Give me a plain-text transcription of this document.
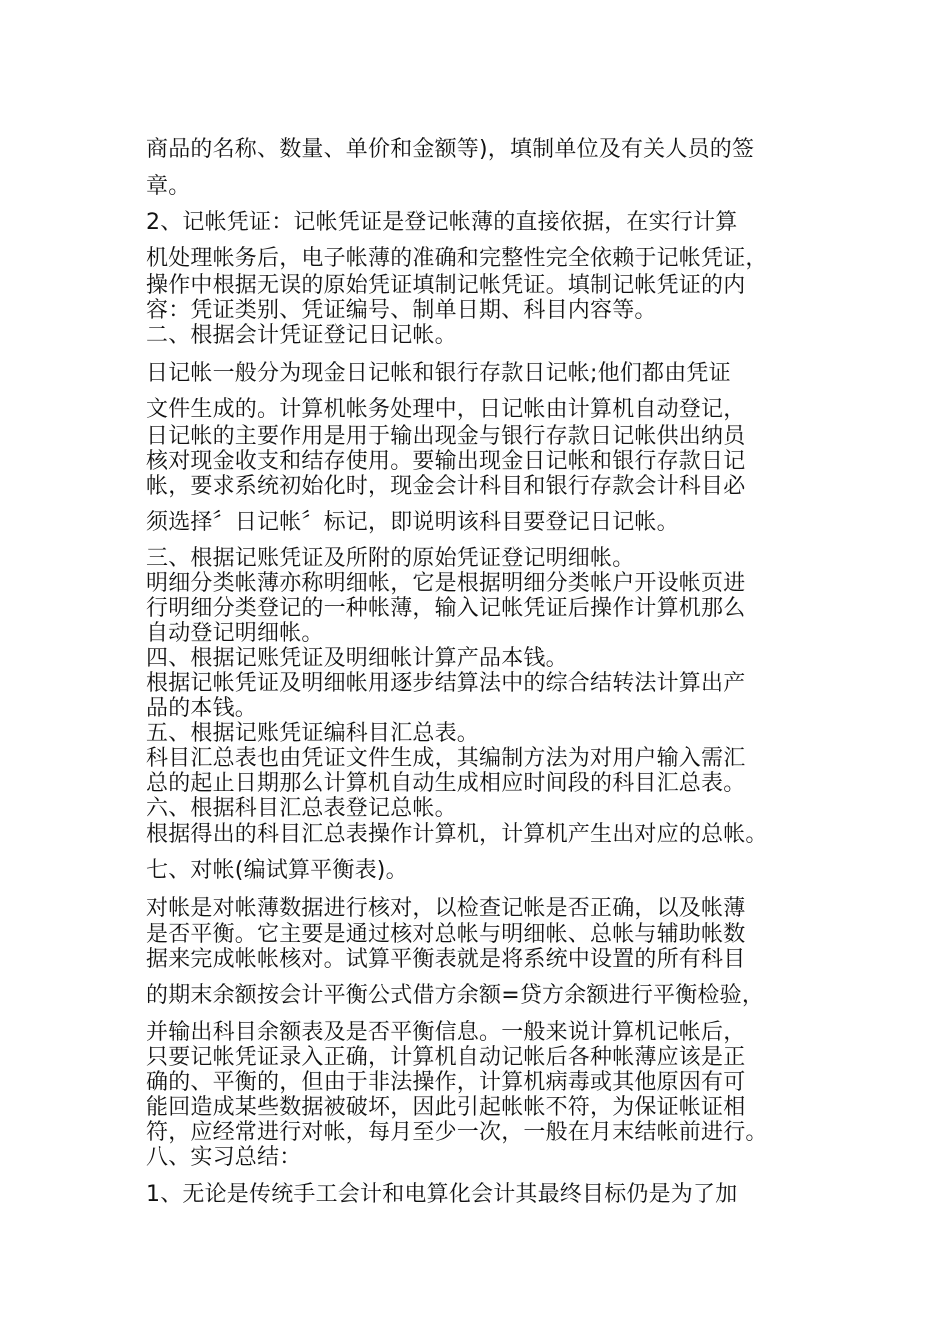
商品的名称、数量、单价和金额等)，填制单位及有关人员的签
章。
2、记帐凭证：记帐凭证是登记帐薄的直接依据，在实行计算
机处理帐务后，电子帐薄的准确和完整性完全依赖于记帐凭证，
操作中根据无误的原始凭证填制记帐凭证。填制记帐凭证的内
容：凭证类别、凭证编号、制单日期、科目内容等。
二、根据会计凭证登记日记帐。
日记帐一般分为现金日记帐和银行存款日记帐;他们都由凭证
文件生成的。计算机帐务处理中，日记帐由计算机自动登记，
日记帐的主要作用是用于输出现金与银行存款日记帐供出纳员
核对现金收支和结存使用。要输出现金日记帐和银行存款日记
帐，要求系统初始化时，现金会计科目和银行存款会计科目必
须选择〞日记帐〞标记，即说明该科目要登记日记帐。
三、根据记账凭证及所附的原始凭证登记明细帐。
明细分类帐薄亦称明细帐，它是根据明细分类帐户开设帐页进
行明细分类登记的一种帐薄，输入记帐凭证后操作计算机那么
自动登记明细帐。
四、根据记账凭证及明细帐计算产品本钱。
根据记帐凭证及明细帐用逐步结算法中的综合结转法计算出产
品的本钱。
五、根据记账凭证编科目汇总表。
科目汇总表也由凭证文件生成，其编制方法为对用户输入需汇
总的起止日期那么计算机自动生成相应时间段的科目汇总表。
六、根据科目汇总表登记总帐。
根据得出的科目汇总表操作计算机，计算机产生出对应的总帐。
七、对帐(编试算平衡表)。
对帐是对帐薄数据进行核对，以检查记帐是否正确，以及帐薄
是否平衡。它主要是通过核对总帐与明细帐、总帐与辅助帐数
据来完成帐帐核对。试算平衡表就是将系统中设置的所有科目
的期末余额按会计平衡公式借方余额=贷方余额进行平衡检验，
并输出科目余额表及是否平衡信息。一般来说计算机记帐后，
只要记帐凭证录入正确，计算机自动记帐后各种帐薄应该是正
确的、平衡的，但由于非法操作，计算机病毒或其他原因有可
能回造成某些数据被破坏，因此引起帐帐不符，为保证帐证相
符，应经常进行对帐，每月至少一次，一般在月末结帐前进行。
八、实习总结：
1、无论是传统手工会计和电算化会计其最终目标仍是为了加
